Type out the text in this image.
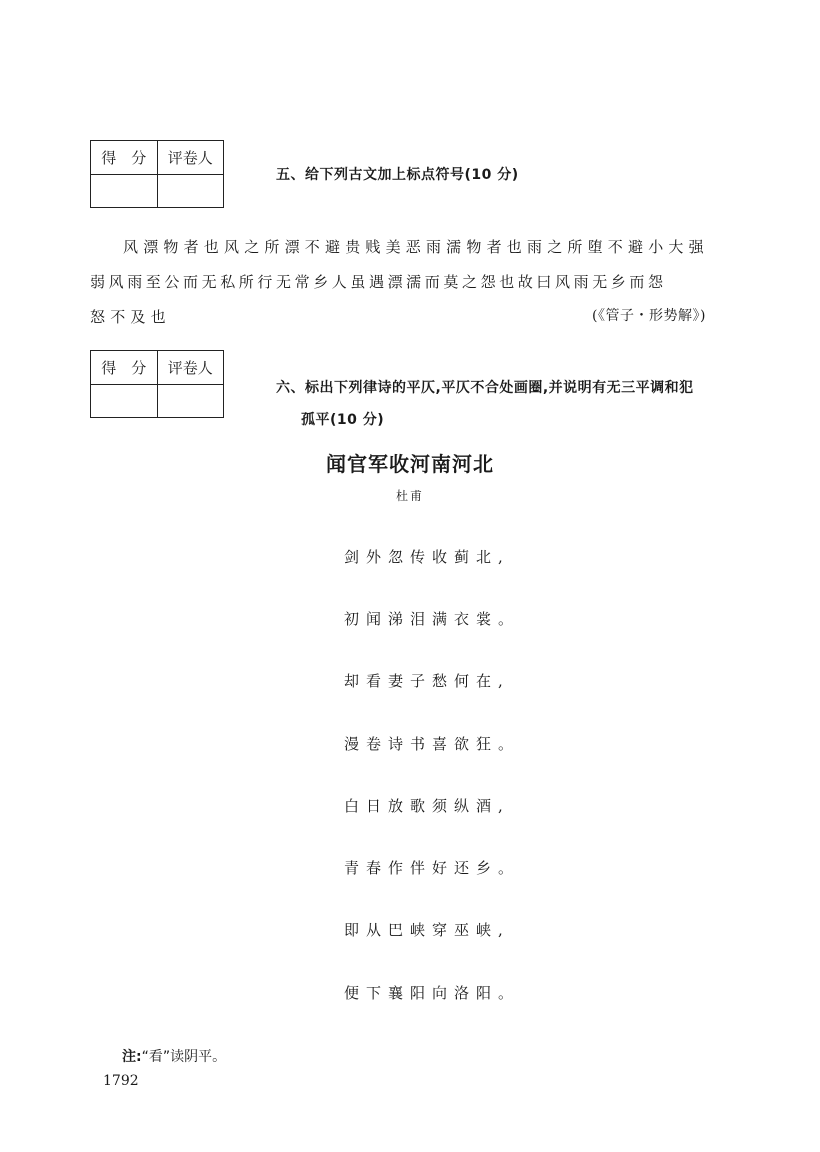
得　分	评卷人
五、给下列古文加上标点符号(10 分)
风漂物者也风之所漂不避贵贱美恶雨濡物者也雨之所堕不避小大强
弱风雨至公而无私所行无常乡人虽遇漂濡而莫之怨也故曰风雨无乡而怨
怒不及也	(《管子・形势解》)
得　分	评卷人
六、标出下列律诗的平仄,平仄不合处画圈,并说明有无三平调和犯
孤平(10 分)
闻官军收河南河北
杜甫
剑外忽传收蓟北,
初闻涕泪满衣裳。
却看妻子愁何在,
漫卷诗书喜欲狂。
白日放歌须纵酒,
青春作伴好还乡。
即从巴峡穿巫峡,
便下襄阳向洛阳。
注:“看”读阴平。
1792
